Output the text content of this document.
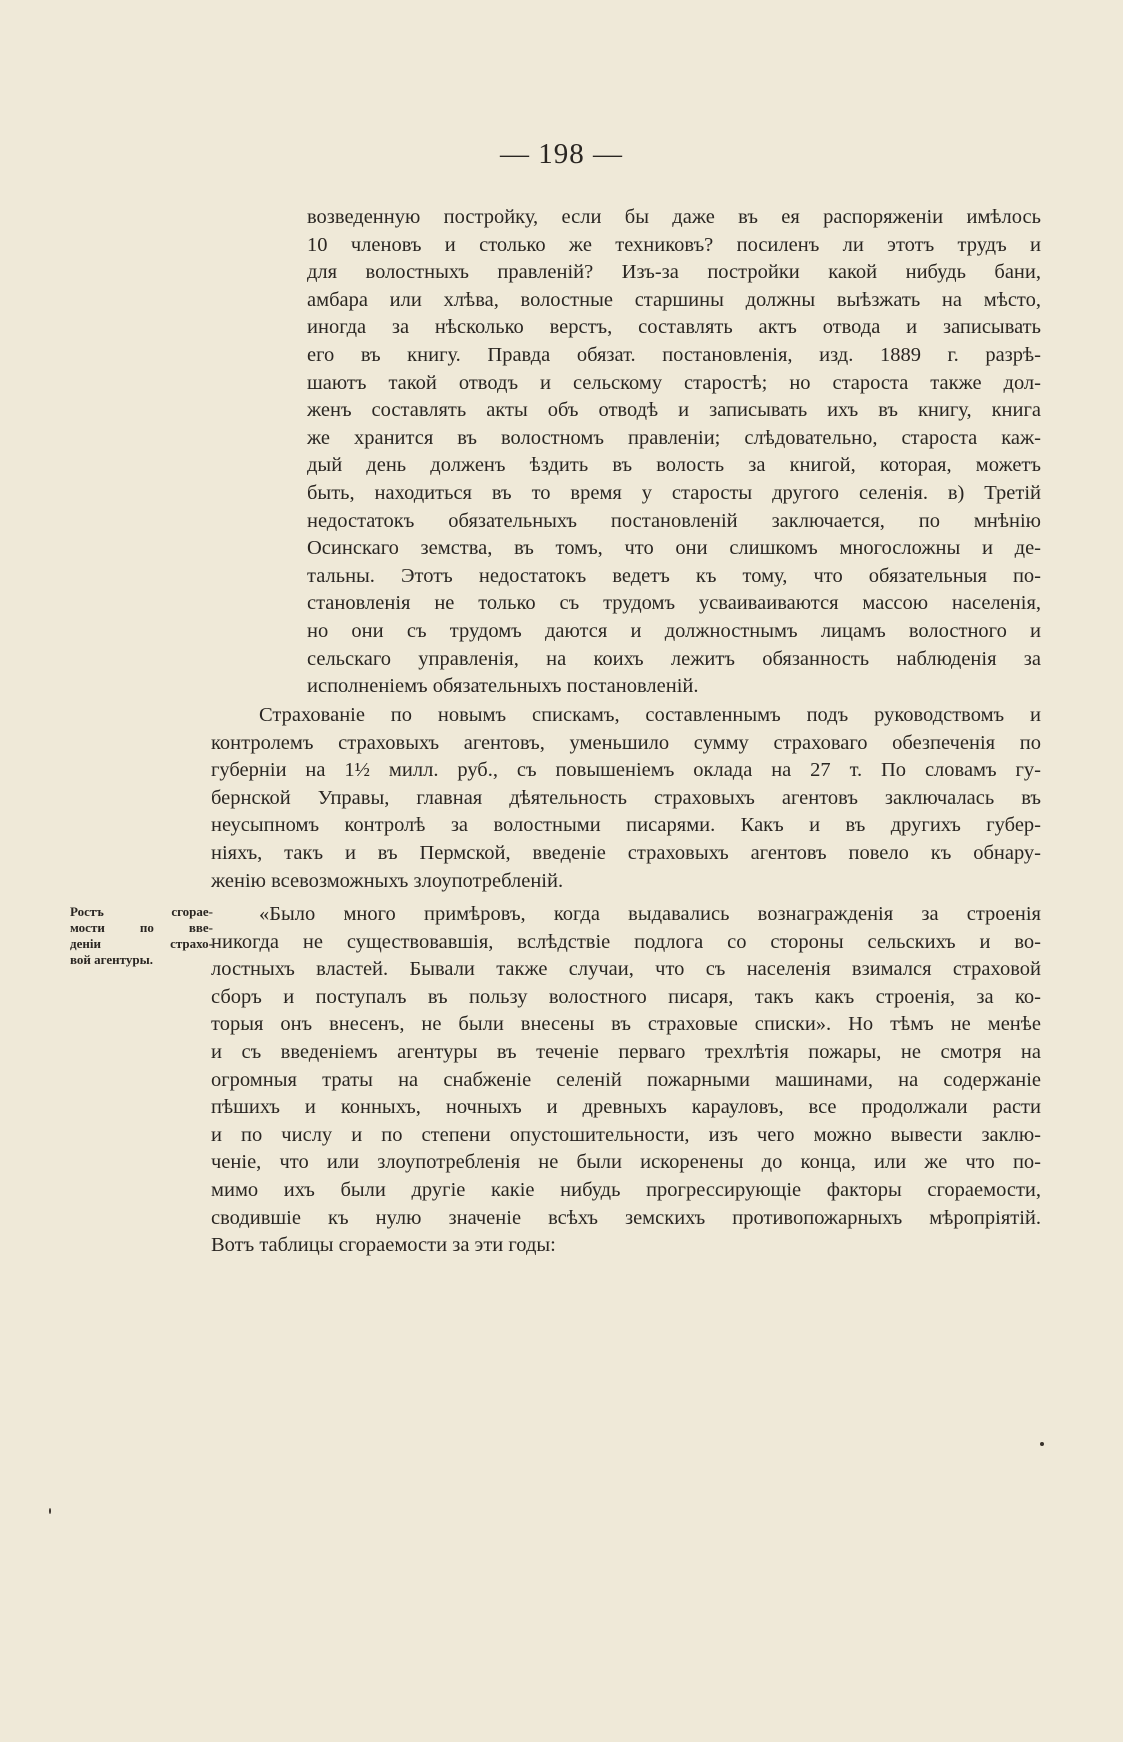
— 198 —
возведенную постройку, если бы даже въ ея распоряженіи имѣлось
10 членовъ и столько же техниковъ? посиленъ ли этотъ трудъ и
для волостныхъ правленій? Изъ-за постройки какой нибудь бани,
амбара или хлѣва, волостные старшины должны выѣзжать на мѣсто,
иногда за нѣсколько верстъ, составлять актъ отвода и записывать
его въ книгу. Правда обязат. постановленія, изд. 1889 г. разрѣ-
шаютъ такой отводъ и сельскому старостѣ; но староста также дол-
женъ составлять акты объ отводѣ и записывать ихъ въ книгу, книга
же хранится въ волостномъ правленіи; слѣдовательно, староста каж-
дый день долженъ ѣздить въ волость за книгой, которая, можетъ
быть, находиться въ то время у старосты другого селенія. в) Третій
недостатокъ обязательныхъ постановленій заключается, по мнѣнію
Осинскаго земства, въ томъ, что они слишкомъ многосложны и де-
тальны. Этотъ недостатокъ ведетъ къ тому, что обязательныя по-
становленія не только съ трудомъ усваиваиваются массою населенія,
но они съ трудомъ даются и должностнымъ лицамъ волостного и
сельскаго управленія, на коихъ лежитъ обязанность наблюденія за
исполненіемъ обязательныхъ постановленій.
Страхованіе по новымъ спискамъ, составленнымъ подъ руководствомъ и
контролемъ страховыхъ агентовъ, уменьшило сумму страховаго обезпеченія по
губерніи на 1½ милл. руб., съ повышеніемъ оклада на 27 т. По словамъ гу-
бернской Управы, главная дѣятельность страховыхъ агентовъ заключалась въ
неусыпномъ контролѣ за волостными писарями. Какъ и въ другихъ губер-
ніяхъ, такъ и въ Пермской, введеніе страховыхъ агентовъ повело къ обнару-
женію всевозможныхъ злоупотребленій.
«Было много примѣровъ, когда выдавались вознагражденія за строенія
никогда не существовавшія, вслѣдствіе подлога со стороны сельскихъ и во-
лостныхъ властей. Бывали также случаи, что съ населенія взимался страховой
сборъ и поступалъ въ пользу волостного писаря, такъ какъ строенія, за ко-
торыя онъ внесенъ, не были внесены въ страховые списки». Но тѣмъ не менѣе
и съ введеніемъ агентуры въ теченіе перваго трехлѣтія пожары, не смотря на
огромныя траты на снабженіе селеній пожарными машинами, на содержаніе
пѣшихъ и конныхъ, ночныхъ и древныхъ карауловъ, все продолжали расти
и по числу и по степени опустошительности, изъ чего можно вывести заклю-
ченіе, что или злоупотребленія не были искоренены до конца, или же что по-
мимо ихъ были другіе какіе нибудь прогрессирующіе факторы сгораемости,
сводившіе къ нулю значеніе всѣхъ земскихъ противопожарныхъ мѣропріятій.
Вотъ таблицы сгораемости за эти годы:
Ростъ сгорае-
мости по вве-
деніи страхо-
вой агентуры.
